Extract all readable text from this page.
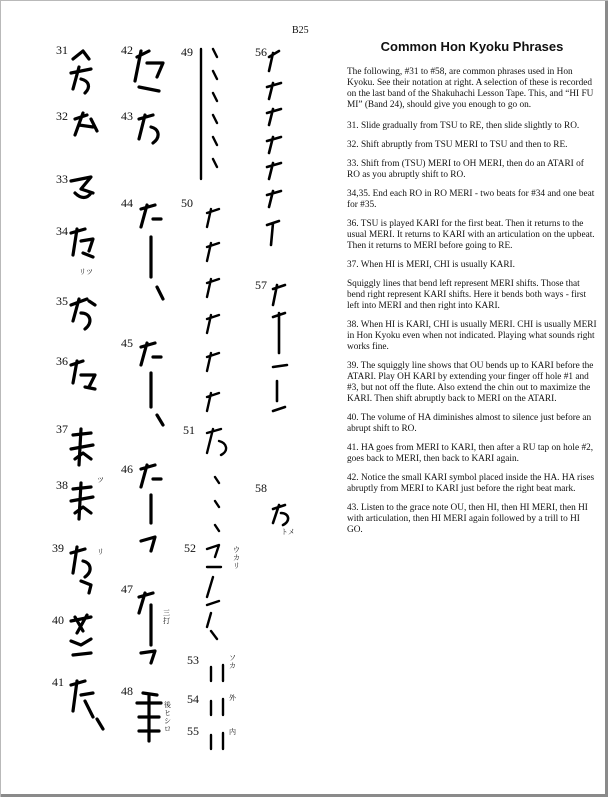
B25
31
32
33
34
35
36
37
38
39
40
41
42
43
44
45
46
47
48
49
50
51
52
53
54
55
56
57
58
リツ
ツ
リ
三打
後ヒシロ
ウカリ
ソカ
外
内
トメ
Common Hon Kyoku Phrases

The following, #31 to #58, are common phrases used in Hon Kyoku. See their notation at right. A selection of these is recorded on the last band of the Shakuhachi Lesson Tape. This, and “HI FU MI” (Band 24), should give you enough to go on.

31. Slide gradually from TSU to RE, then slide slightly to RO.

32. Shift abruptly from TSU MERI to TSU and then to RE.

33. Shift from (TSU) MERI to OH MERI, then do an ATARI of RO as you abruptly shift to RO.

34,35. End each RO in RO MERI - two beats for #34 and one beat for #35.

36. TSU is played KARI for the first beat. Then it returns to the usual MERI. It returns to KARI with an articulation on the upbeat. Then it returns to MERI before going to RE.

37. When HI is MERI, CHI is usually KARI.

Squiggly lines that bend left represent MERI shifts. Those that bend right represent KARI shifts. Here it bends both ways - first left into MERI and then right into KARI.

38. When HI is KARI, CHI is usually MERI. CHI is usually MERI in Hon Kyoku even when not indicated. Playing what sounds right works fine.

39. The squiggly line shows that OU bends up to KARI before the ATARI. Play OH KARI by extending your finger off hole #1 and #3, but not off the flute. Also extend the chin out to maximize the KARI. Then shift abruptly back to MERI on the ATARI.

40. The volume of HA diminishes almost to silence just before an abrupt shift to RO.

41. HA goes from MERI to KARI, then after a RU tap on hole #2, goes back to MERI, then back to KARI again.

42. Notice the small KARI symbol placed inside the HA. HA rises abruptly from MERI to KARI just before the right beat mark.

43. Listen to the grace note OU, then HI, then HI MERI, then HI with articulation, then HI MERI again followed by a trill to HI GO.
